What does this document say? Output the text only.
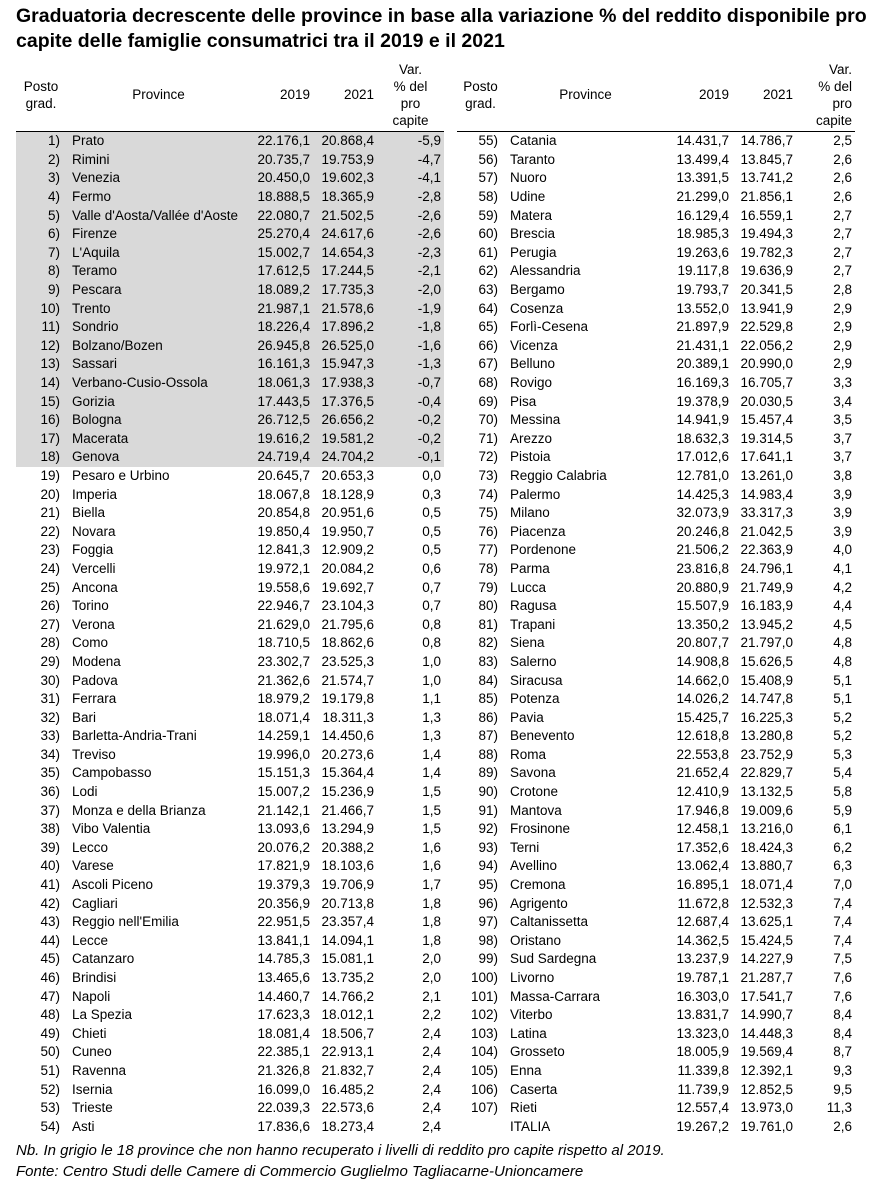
Graduatoria decrescente delle province in base alla variazione % del reddito disponibile pro capite delle famiglie consumatrici tra il 2019 e il 2021
Posto
grad.	Province	2019	2021	Var.
% del
pro
capite
1)	Prato	22.176,1	20.868,4	-5,9
2)	Rimini	20.735,7	19.753,9	-4,7
3)	Venezia	20.450,0	19.602,3	-4,1
4)	Fermo	18.888,5	18.365,9	-2,8
5)	Valle d'Aosta/Vallée d'Aoste	22.080,7	21.502,5	-2,6
6)	Firenze	25.270,4	24.617,6	-2,6
7)	L'Aquila	15.002,7	14.654,3	-2,3
8)	Teramo	17.612,5	17.244,5	-2,1
9)	Pescara	18.089,2	17.735,3	-2,0
10)	Trento	21.987,1	21.578,6	-1,9
11)	Sondrio	18.226,4	17.896,2	-1,8
12)	Bolzano/Bozen	26.945,8	26.525,0	-1,6
13)	Sassari	16.161,3	15.947,3	-1,3
14)	Verbano-Cusio-Ossola	18.061,3	17.938,3	-0,7
15)	Gorizia	17.443,5	17.376,5	-0,4
16)	Bologna	26.712,5	26.656,2	-0,2
17)	Macerata	19.616,2	19.581,2	-0,2
18)	Genova	24.719,4	24.704,2	-0,1
19)	Pesaro e Urbino	20.645,7	20.653,3	0,0
20)	Imperia	18.067,8	18.128,9	0,3
21)	Biella	20.854,8	20.951,6	0,5
22)	Novara	19.850,4	19.950,7	0,5
23)	Foggia	12.841,3	12.909,2	0,5
24)	Vercelli	19.972,1	20.084,2	0,6
25)	Ancona	19.558,6	19.692,7	0,7
26)	Torino	22.946,7	23.104,3	0,7
27)	Verona	21.629,0	21.795,6	0,8
28)	Como	18.710,5	18.862,6	0,8
29)	Modena	23.302,7	23.525,3	1,0
30)	Padova	21.362,6	21.574,7	1,0
31)	Ferrara	18.979,2	19.179,8	1,1
32)	Bari	18.071,4	18.311,3	1,3
33)	Barletta-Andria-Trani	14.259,1	14.450,6	1,3
34)	Treviso	19.996,0	20.273,6	1,4
35)	Campobasso	15.151,3	15.364,4	1,4
36)	Lodi	15.007,2	15.236,9	1,5
37)	Monza e della Brianza	21.142,1	21.466,7	1,5
38)	Vibo Valentia	13.093,6	13.294,9	1,5
39)	Lecco	20.076,2	20.388,2	1,6
40)	Varese	17.821,9	18.103,6	1,6
41)	Ascoli Piceno	19.379,3	19.706,9	1,7
42)	Cagliari	20.356,9	20.713,8	1,8
43)	Reggio nell'Emilia	22.951,5	23.357,4	1,8
44)	Lecce	13.841,1	14.094,1	1,8
45)	Catanzaro	14.785,3	15.081,1	2,0
46)	Brindisi	13.465,6	13.735,2	2,0
47)	Napoli	14.460,7	14.766,2	2,1
48)	La Spezia	17.623,3	18.012,1	2,2
49)	Chieti	18.081,4	18.506,7	2,4
50)	Cuneo	22.385,1	22.913,1	2,4
51)	Ravenna	21.326,8	21.832,7	2,4
52)	Isernia	16.099,0	16.485,2	2,4
53)	Trieste	22.039,3	22.573,6	2,4
54)	Asti	17.836,6	18.273,4	2,4
Posto
grad.	Province	2019	2021	Var.
% del
pro
capite
55)	Catania	14.431,7	14.786,7	2,5
56)	Taranto	13.499,4	13.845,7	2,6
57)	Nuoro	13.391,5	13.741,2	2,6
58)	Udine	21.299,0	21.856,1	2,6
59)	Matera	16.129,4	16.559,1	2,7
60)	Brescia	18.985,3	19.494,3	2,7
61)	Perugia	19.263,6	19.782,3	2,7
62)	Alessandria	19.117,8	19.636,9	2,7
63)	Bergamo	19.793,7	20.341,5	2,8
64)	Cosenza	13.552,0	13.941,9	2,9
65)	Forlì-Cesena	21.897,9	22.529,8	2,9
66)	Vicenza	21.431,1	22.056,2	2,9
67)	Belluno	20.389,1	20.990,0	2,9
68)	Rovigo	16.169,3	16.705,7	3,3
69)	Pisa	19.378,9	20.030,5	3,4
70)	Messina	14.941,9	15.457,4	3,5
71)	Arezzo	18.632,3	19.314,5	3,7
72)	Pistoia	17.012,6	17.641,1	3,7
73)	Reggio Calabria	12.781,0	13.261,0	3,8
74)	Palermo	14.425,3	14.983,4	3,9
75)	Milano	32.073,9	33.317,3	3,9
76)	Piacenza	20.246,8	21.042,5	3,9
77)	Pordenone	21.506,2	22.363,9	4,0
78)	Parma	23.816,8	24.796,1	4,1
79)	Lucca	20.880,9	21.749,9	4,2
80)	Ragusa	15.507,9	16.183,9	4,4
81)	Trapani	13.350,2	13.945,2	4,5
82)	Siena	20.807,7	21.797,0	4,8
83)	Salerno	14.908,8	15.626,5	4,8
84)	Siracusa	14.662,0	15.408,9	5,1
85)	Potenza	14.026,2	14.747,8	5,1
86)	Pavia	15.425,7	16.225,3	5,2
87)	Benevento	12.618,8	13.280,8	5,2
88)	Roma	22.553,8	23.752,9	5,3
89)	Savona	21.652,4	22.829,7	5,4
90)	Crotone	12.410,9	13.132,5	5,8
91)	Mantova	17.946,8	19.009,6	5,9
92)	Frosinone	12.458,1	13.216,0	6,1
93)	Terni	17.352,6	18.424,3	6,2
94)	Avellino	13.062,4	13.880,7	6,3
95)	Cremona	16.895,1	18.071,4	7,0
96)	Agrigento	11.672,8	12.532,3	7,4
97)	Caltanissetta	12.687,4	13.625,1	7,4
98)	Oristano	14.362,5	15.424,5	7,4
99)	Sud Sardegna	13.237,9	14.227,9	7,5
100)	Livorno	19.787,1	21.287,7	7,6
101)	Massa-Carrara	16.303,0	17.541,7	7,6
102)	Viterbo	13.831,7	14.990,7	8,4
103)	Latina	13.323,0	14.448,3	8,4
104)	Grosseto	18.005,9	19.569,4	8,7
105)	Enna	11.339,8	12.392,1	9,3
106)	Caserta	11.739,9	12.852,5	9,5
107)	Rieti	12.557,4	13.973,0	11,3
	ITALIA	19.267,2	19.761,0	2,6
Nb. In grigio le 18 province che non hanno recuperato i livelli di reddito pro capite rispetto al 2019.
Fonte: Centro Studi delle Camere di Commercio Guglielmo Tagliacarne-Unioncamere
